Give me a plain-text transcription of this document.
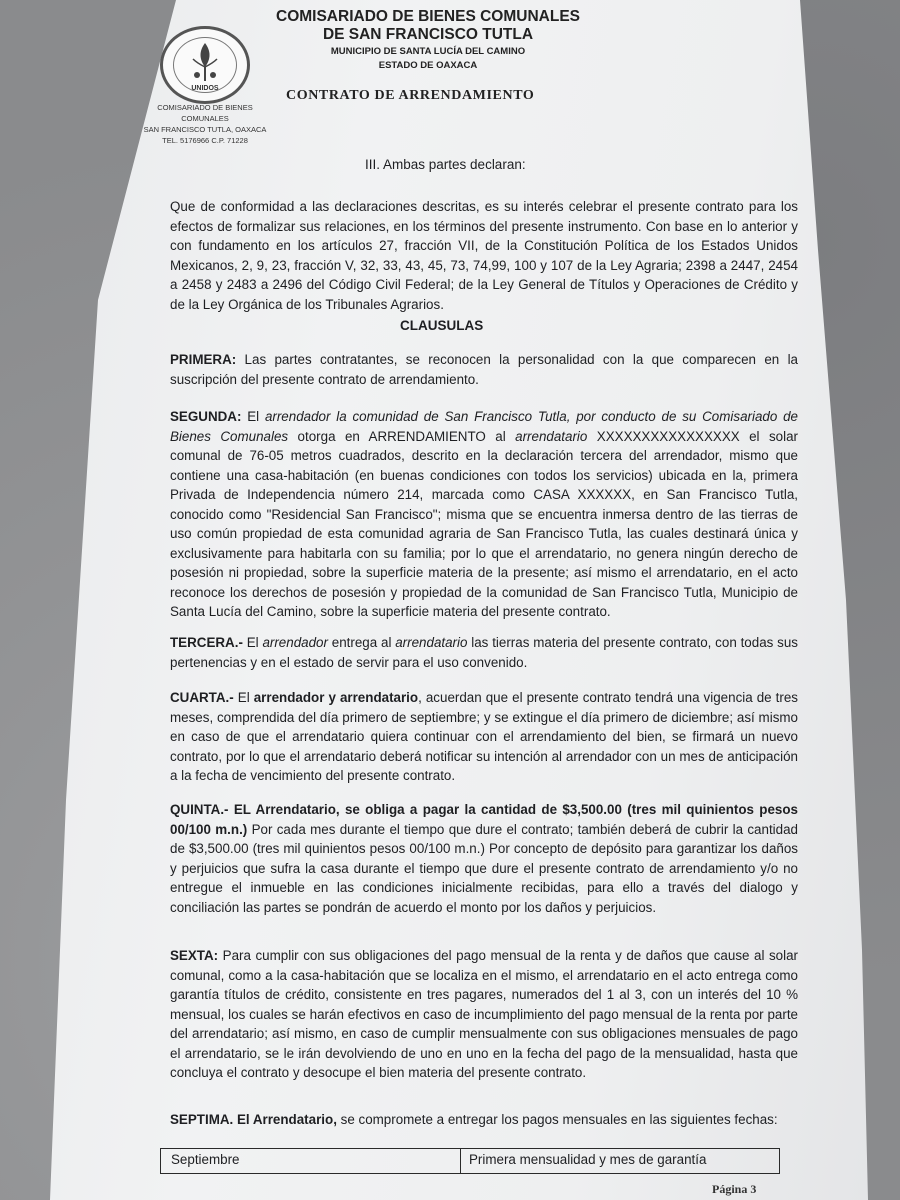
UNIDOS
COMISARIADO DE BIENES
COMUNALES
SAN FRANCISCO TUTLA, OAXACA
TEL. 5176966 C.P. 71228
COMISARIADO DE BIENES COMUNALES
DE SAN FRANCISCO TUTLA
MUNICIPIO DE SANTA LUCÍA DEL CAMINO
ESTADO DE OAXACA
CONTRATO DE ARRENDAMIENTO
III. Ambas partes declaran:
Que de conformidad a las declaraciones descritas, es su interés celebrar el presente contrato para los efectos de formalizar sus relaciones, en los términos del presente instrumento. Con base en lo anterior y con fundamento en los artículos 27, fracción VII, de la Constitución Política de los Estados Unidos Mexicanos, 2, 9, 23, fracción V, 32, 33, 43, 45, 73, 74,99, 100 y 107 de la Ley Agraria; 2398 a 2447, 2454 a 2458 y 2483 a 2496 del Código Civil Federal; de la Ley General de Títulos y Operaciones de Crédito y de la Ley Orgánica de los Tribunales Agrarios.
CLAUSULAS
PRIMERA: Las partes contratantes, se reconocen la personalidad con la que comparecen en la suscripción del presente contrato de arrendamiento.
SEGUNDA: El arrendador la comunidad de San Francisco Tutla, por conducto de su Comisariado de Bienes Comunales otorga en ARRENDAMIENTO al arrendatario XXXXXXXXXXXXXXXX el solar comunal de 76-05 metros cuadrados, descrito en la declaración tercera del arrendador, mismo que contiene una casa-habitación (en buenas condiciones con todos los servicios) ubicada en la, primera Privada de Independencia número 214, marcada como CASA XXXXXX, en San Francisco Tutla, conocido como "Residencial San Francisco"; misma que se encuentra inmersa dentro de las tierras de uso común propiedad de esta comunidad agraria de San Francisco Tutla, las cuales destinará única y exclusivamente para habitarla con su familia; por lo que el arrendatario, no genera ningún derecho de posesión ni propiedad, sobre la superficie materia de la presente; así mismo el arrendatario, en el acto reconoce los derechos de posesión y propiedad de la comunidad de San Francisco Tutla, Municipio de Santa Lucía del Camino, sobre la superficie materia del presente contrato.
TERCERA.- El arrendador entrega al arrendatario las tierras materia del presente contrato, con todas sus pertenencias y en el estado de servir para el uso convenido.
CUARTA.- El arrendador y arrendatario, acuerdan que el presente contrato tendrá una vigencia de tres meses, comprendida del día primero de septiembre; y se extingue el día primero de diciembre; así mismo en caso de que el arrendatario quiera continuar con el arrendamiento del bien, se firmará un nuevo contrato, por lo que el arrendatario deberá notificar su intención al arrendador con un mes de anticipación a la fecha de vencimiento del presente contrato.
QUINTA.- EL Arrendatario, se obliga a pagar la cantidad de $3,500.00 (tres mil quinientos pesos 00/100 m.n.) Por cada mes durante el tiempo que dure el contrato; también deberá de cubrir la cantidad de $3,500.00 (tres mil quinientos pesos 00/100 m.n.) Por concepto de depósito para garantizar los daños y perjuicios que sufra la casa durante el tiempo que dure el presente contrato de arrendamiento y/o no entregue el inmueble en las condiciones inicialmente recibidas, para ello a través del dialogo y conciliación las partes se pondrán de acuerdo el monto por los daños y perjuicios.
SEXTA: Para cumplir con sus obligaciones del pago mensual de la renta y de daños que cause al solar comunal, como a la casa-habitación que se localiza en el mismo, el arrendatario en el acto entrega como garantía títulos de crédito, consistente en tres pagares, numerados del 1 al 3, con un interés del 10 % mensual, los cuales se harán efectivos en caso de incumplimiento del pago mensual de la renta por parte del arrendatario; así mismo, en caso de cumplir mensualmente con sus obligaciones mensuales de pago el arrendatario, se le irán devolviendo de uno en uno en la fecha del pago de la mensualidad, hasta que concluya el contrato y desocupe el bien materia del presente contrato.
SEPTIMA. El Arrendatario, se compromete a entregar los pagos mensuales en las siguientes fechas:
Septiembre	Primera mensualidad y mes de garantía
Página 3
